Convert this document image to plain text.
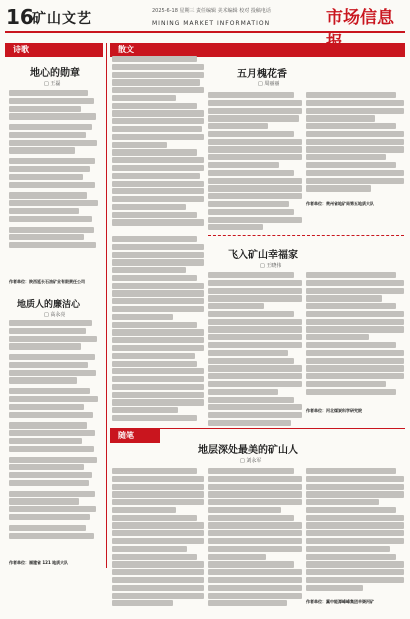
16
矿山文艺	2025-6-18 星期三 责任编辑 美术编辑 校对 投稿电话
MINING MARKET INFORMATION	市场信息
诗歌
地心的勋章
□ 王磊
作者单位：陕西延长石油矿业有限责任公司
地质人的廉洁心
□ 高永亮
作者单位：福建省 121 地质大队
散文
五月槐花香
□ 周丽丽
作者单位：贵州省地矿局第五地质大队
飞入矿山幸福家
□ 王晓伟
作者单位：河北煤炭科学研究院
随笔
地层深处最美的矿山人
□ 刘永军
作者单位：冀中能源峰峰集团羊渠河矿
